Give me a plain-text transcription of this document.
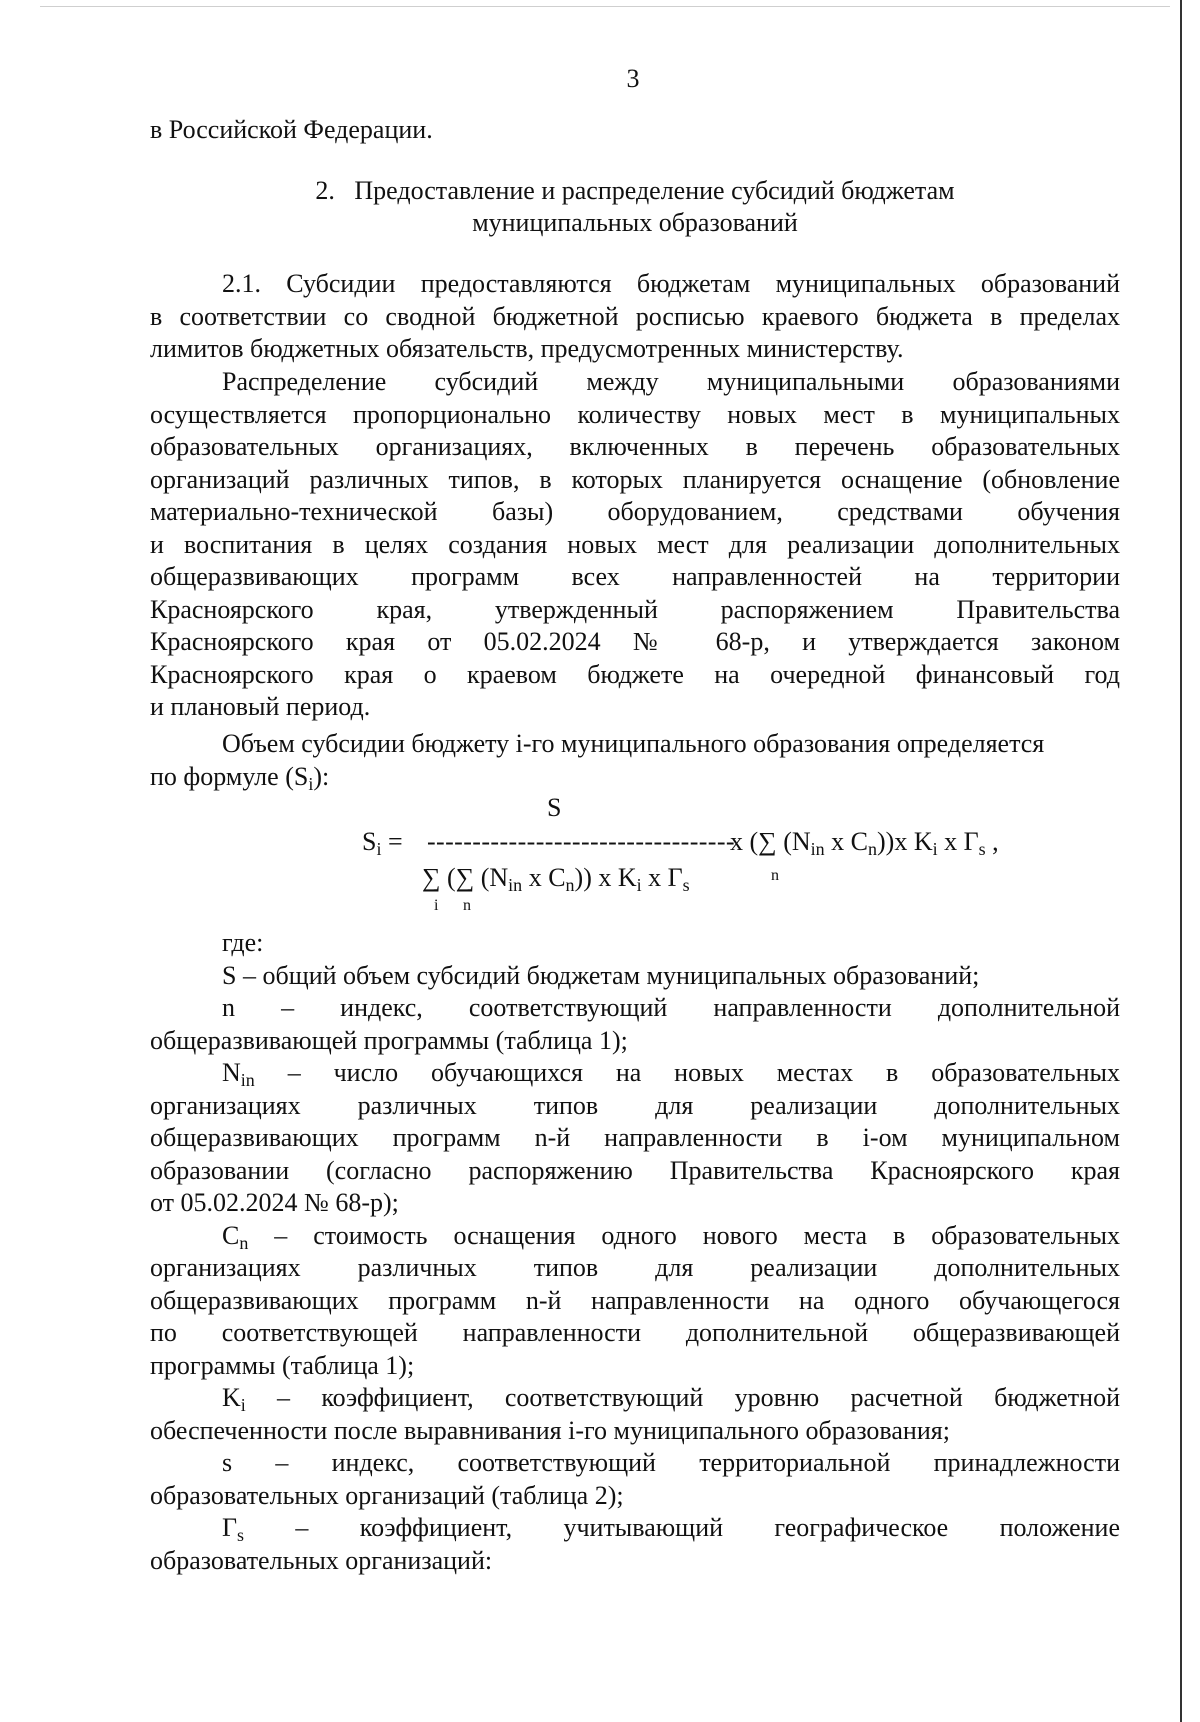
3

в Российской Федерации.

2. Предоставление и распределение субсидий бюджетам
муниципальных образований

2.1. Субсидии предоставляются бюджетам муниципальных образований

в соответствии со сводной бюджетной росписью краевого бюджета в пределах

лимитов бюджетных обязательств, предусмотренных министерству.

Распределение субсидий между муниципальными образованиями

осуществляется пропорционально количеству новых мест в муниципальных

образовательных организациях, включенных в перечень образовательных

организаций различных типов, в которых планируется оснащение (обновление

материально-технической базы) оборудованием, средствами обучения

и воспитания в целях создания новых мест для реализации дополнительных

общеразвивающих программ всех направленностей на территории

Красноярского края, утвержденный распоряжением Правительства

Красноярского края от 05.02.2024 № 68-р, и утверждается законом

Красноярского края о краевом бюджете на очередной финансовый год

и плановый период.

Объем субсидии бюджету i-го муниципального образования определяется

по формуле $(S_i)$:

S
$S_i$ = ----------------------------------
x (∑ ($N_{in}$ x $C_n))x$ $K_i$ x $\Gamma_s$ ,
n
∑ (∑ ($N_{in}$ x $C_n$)) x $K_i$ x $\Gamma_s$
i n

где:

S – общий объем субсидий бюджетам муниципальных образований;

n – индекс, соответствующий направленности дополнительной

общеразвивающей программы (таблица 1);

$N_{in}$ – число обучающихся на новых местах в образовательных

организациях различных типов для реализации дополнительных

общеразвивающих программ n-й направленности в i-ом муниципальном

образовании (согласно распоряжению Правительства Красноярского края

от 05.02.2024 № 68-р);

$C_n$ – стоимость оснащения одного нового места в образовательных

организациях различных типов для реализации дополнительных

общеразвивающих программ n-й направленности на одного обучающегося

по соответствующей направленности дополнительной общеразвивающей

программы (таблица 1);

$K_i$ – коэффициент, соответствующий уровню расчетной бюджетной

обеспеченности после выравнивания i-го муниципального образования;

s – индекс, соответствующий территориальной принадлежности

образовательных организаций (таблица 2);

$\Gamma_s$ – коэффициент, учитывающий географическое положение

образовательных организаций:
